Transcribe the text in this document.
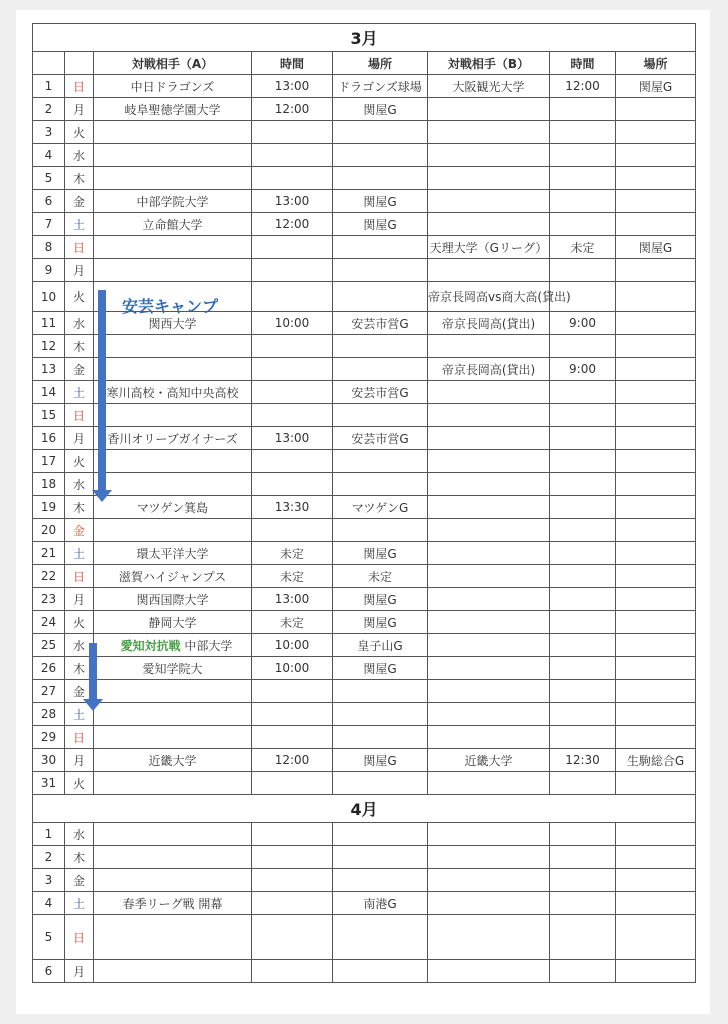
3月							
		対戦相手（A）	時間	場所	対戦相手（B）	時間	場所
1	日	中日ドラゴンズ	13:00	ドラゴンズ球場	大阪観光大学	12:00	関屋G
2	月	岐阜聖徳学園大学	12:00	関屋G			
3	火						
4	水						
5	木						
6	金	中部学院大学	13:00	関屋G			
7	土	立命館大学	12:00	関屋G			
8	日				天理大学（Gリーグ）	未定	関屋G
9	月						
10	火				帝京長岡高vs商大高(貸出)		
11	水	関西大学	10:00	安芸市営G	帝京長岡高(貸出)	9:00	
12	木						
13	金				帝京長岡高(貸出)	9:00	
14	土	寒川高校・高知中央高校		安芸市営G			
15	日						
16	月	香川オリーブガイナーズ	13:00	安芸市営G			
17	火						
18	水						
19	木	マツゲン箕島	13:30	マツゲンG			
20	金						
21	土	環太平洋大学	未定	関屋G			
22	日	滋賀ハイジャンプス	未定	未定			
23	月	関西国際大学	13:00	関屋G			
24	火	静岡大学	未定	関屋G			
25	水	愛知対抗戦 中部大学	10:00	皇子山G			
26	木	愛知学院大	10:00	関屋G			
27	金						
28	土						
29	日						
30	月	近畿大学	12:00	関屋G	近畿大学	12:30	生駒総合G
31	火						
4月							
1	水						
2	木						
3	金						
4	土	春季リーグ戦 開幕		南港G			
5	日						
6	月						
安芸キャンプ
